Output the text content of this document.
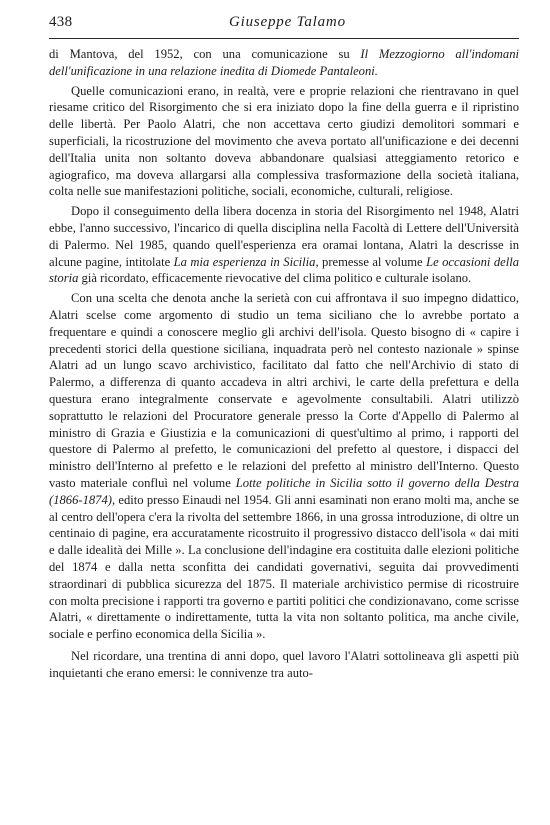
438	Giuseppe Talamo

di Mantova, del 1952, con una comunicazione su Il Mezzogiorno all'indomani dell'unificazione in una relazione inedita di Diomede Pantaleoni.

Quelle comunicazioni erano, in realtà, vere e proprie relazioni che rientravano in quel riesame critico del Risorgimento che si era iniziato dopo la fine della guerra e il ripristino delle libertà. Per Paolo Alatri, che non accettava certo giudizi demolitori sommari e superficiali, la ricostruzione del movimento che aveva portato all'unificazione e dei decenni dell'Italia unita non soltanto doveva abbandonare qualsiasi atteggiamento retorico e agiografico, ma doveva allargarsi alla complessiva trasformazione della società italiana, colta nelle sue manifestazioni politiche, sociali, economiche, culturali, religiose.

Dopo il conseguimento della libera docenza in storia del Risorgimento nel 1948, Alatri ebbe, l'anno successivo, l'incarico di quella disciplina nella Facoltà di Lettere dell'Università di Palermo. Nel 1985, quando quell'esperienza era oramai lontana, Alatri la descrisse in alcune pagine, intitolate La mia esperienza in Sicilia, premesse al volume Le occasioni della storia già ricordato, efficacemente rievocative del clima politico e culturale isolano.

Con una scelta che denota anche la serietà con cui affrontava il suo impegno didattico, Alatri scelse come argomento di studio un tema siciliano che lo avrebbe portato a frequentare e quindi a conoscere meglio gli archivi dell'isola. Questo bisogno di « capire i precedenti storici della questione siciliana, inquadrata però nel contesto nazionale » spinse Alatri ad un lungo scavo archivistico, facilitato dal fatto che nell'Archivio di stato di Palermo, a differenza di quanto accadeva in altri archivi, le carte della prefettura e della questura erano integralmente conservate e agevolmente consultabili. Alatri utilizzò soprattutto le relazioni del Procuratore generale presso la Corte d'Appello di Palermo al ministro di Grazia e Giustizia e la comunicazioni di quest'ultimo al primo, i rapporti del questore di Palermo al prefetto, le comunicazioni del prefetto al questore, i dispacci del ministro dell'Interno al prefetto e le relazioni del prefetto al ministro dell'Interno. Questo vasto materiale confluì nel volume Lotte politiche in Sicilia sotto il governo della Destra (1866-1874), edito presso Einaudi nel 1954. Gli anni esaminati non erano molti ma, anche se al centro dell'opera c'era la rivolta del settembre 1866, in una grossa introduzione, di oltre un centinaio di pagine, era accuratamente ricostruito il progressivo distacco dell'isola « dai miti e dalle idealità dei Mille ». La conclusione dell'indagine era costituita dalle elezioni politiche del 1874 e dalla netta sconfitta dei candidati governativi, seguita dai provvedimenti straordinari di pubblica sicurezza del 1875. Il materiale archivistico permise di ricostruire con molta precisione i rapporti tra governo e partiti politici che condizionavano, come scrisse Alatri, « direttamente o indirettamente, tutta la vita non soltanto politica, ma anche civile, sociale e perfino economica della Sicilia ».

Nel ricordare, una trentina di anni dopo, quel lavoro l'Alatri sottolineava gli aspetti più inquietanti che erano emersi: le connivenze tra auto-
